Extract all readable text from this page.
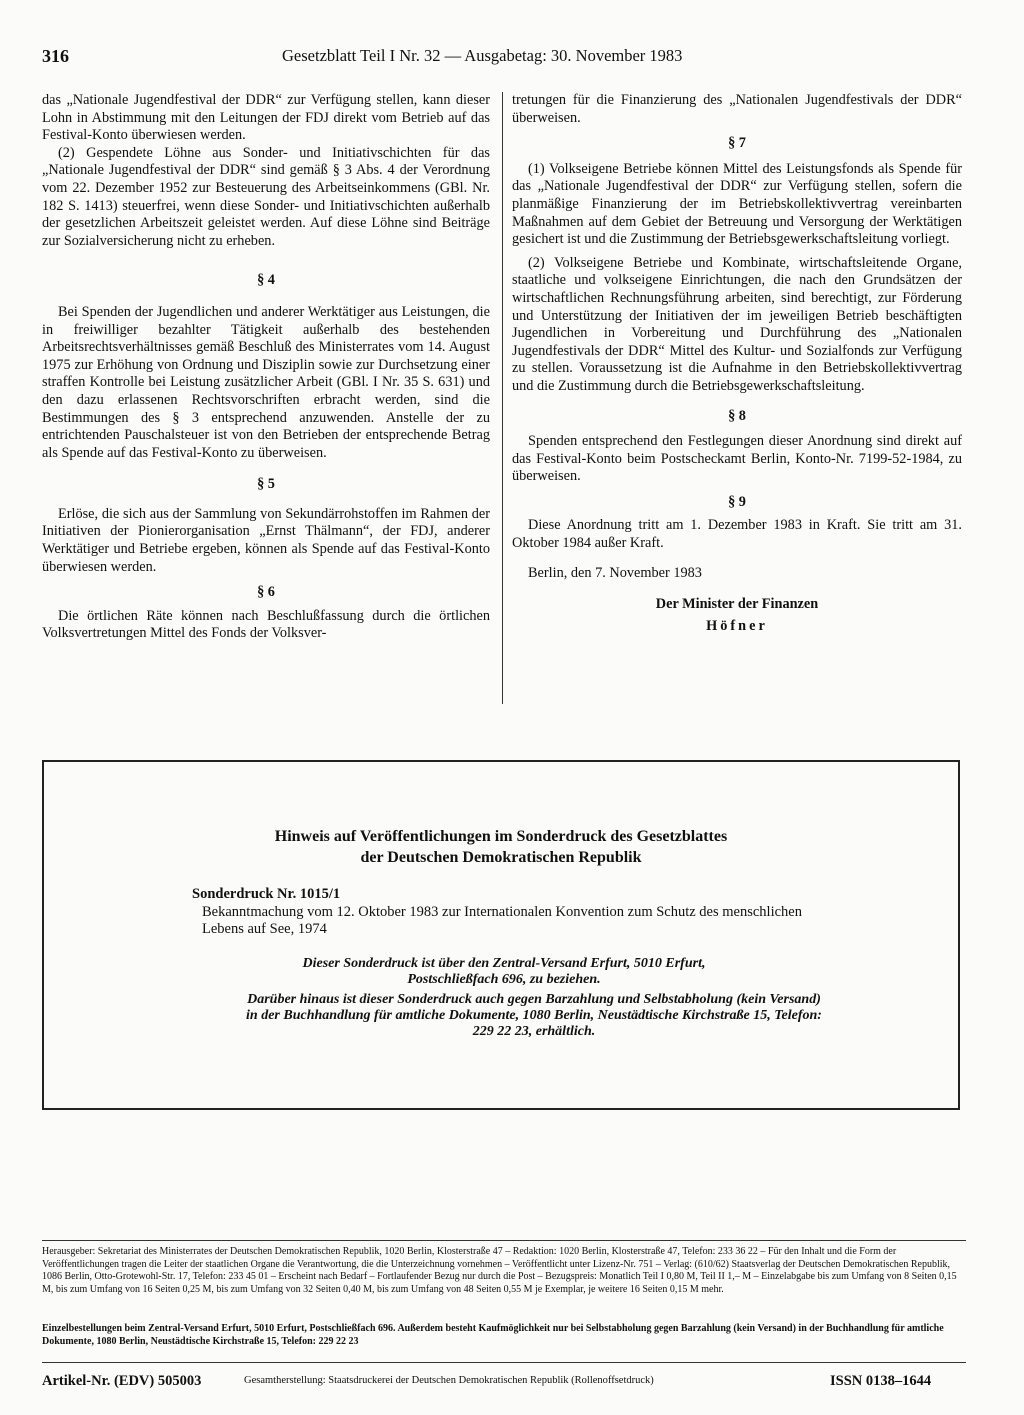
316	Gesetzblatt Teil I Nr. 32 — Ausgabetag: 30. November 1983

das „Nationale Jugendfestival der DDR“ zur Verfügung stellen, kann dieser Lohn in Abstimmung mit den Leitungen der FDJ direkt vom Betrieb auf das Festival-Konto überwiesen werden.

(2) Gespendete Löhne aus Sonder- und Initiativschichten für das „Nationale Jugendfestival der DDR“ sind gemäß § 3 Abs. 4 der Verordnung vom 22. Dezember 1952 zur Besteuerung des Arbeitseinkommens (GBl. Nr. 182 S. 1413) steuerfrei, wenn diese Sonder- und Initiativschichten außerhalb der gesetzlichen Arbeitszeit geleistet werden. Auf diese Löhne sind Beiträge zur Sozialversicherung nicht zu erheben.

§ 4

Bei Spenden der Jugendlichen und anderer Werktätiger aus Leistungen, die in freiwilliger bezahlter Tätigkeit außerhalb des bestehenden Arbeitsrechtsverhältnisses gemäß Beschluß des Ministerrates vom 14. August 1975 zur Erhöhung von Ordnung und Disziplin sowie zur Durchsetzung einer straffen Kontrolle bei Leistung zusätzlicher Arbeit (GBl. I Nr. 35 S. 631) und den dazu erlassenen Rechtsvorschriften erbracht werden, sind die Bestimmungen des § 3 entsprechend anzuwenden. Anstelle der zu entrichtenden Pauschalsteuer ist von den Betrieben der entsprechende Betrag als Spende auf das Festival-Konto zu überweisen.

§ 5

Erlöse, die sich aus der Sammlung von Sekundärrohstoffen im Rahmen der Initiativen der Pionierorganisation „Ernst Thälmann“, der FDJ, anderer Werktätiger und Betriebe ergeben, können als Spende auf das Festival-Konto überwiesen werden.

§ 6

Die örtlichen Räte können nach Beschlußfassung durch die örtlichen Volksvertretungen Mittel des Fonds der Volksver-

tretungen für die Finanzierung des „Nationalen Jugendfestivals der DDR“ überweisen.

§ 7

(1) Volkseigene Betriebe können Mittel des Leistungsfonds als Spende für das „Nationale Jugendfestival der DDR“ zur Verfügung stellen, sofern die planmäßige Finanzierung der im Betriebskollektivvertrag vereinbarten Maßnahmen auf dem Gebiet der Betreuung und Versorgung der Werktätigen gesichert ist und die Zustimmung der Betriebsgewerkschaftsleitung vorliegt.

(2) Volkseigene Betriebe und Kombinate, wirtschaftsleitende Organe, staatliche und volkseigene Einrichtungen, die nach den Grundsätzen der wirtschaftlichen Rechnungsführung arbeiten, sind berechtigt, zur Förderung und Unterstützung der Initiativen der im jeweiligen Betrieb beschäftigten Jugendlichen in Vorbereitung und Durchführung des „Nationalen Jugendfestivals der DDR“ Mittel des Kultur- und Sozialfonds zur Verfügung zu stellen. Voraussetzung ist die Aufnahme in den Betriebskollektivvertrag und die Zustimmung durch die Betriebsgewerkschaftsleitung.

§ 8

Spenden entsprechend den Festlegungen dieser Anordnung sind direkt auf das Festival-Konto beim Postscheckamt Berlin, Konto-Nr. 7199-52-1984, zu überweisen.

§ 9

Diese Anordnung tritt am 1. Dezember 1983 in Kraft. Sie tritt am 31. Oktober 1984 außer Kraft.

Berlin, den 7. November 1983

Der Minister der Finanzen

Höfner

Hinweis auf Veröffentlichungen im Sonderdruck des Gesetzblattes
der Deutschen Demokratischen Republik
Sonderdruck Nr. 1015/1
Bekanntmachung vom 12. Oktober 1983 zur Internationalen Konvention zum Schutz des menschlichen Lebens auf See, 1974
Dieser Sonderdruck ist über den Zentral-Versand Erfurt, 5010 Erfurt, Postschließfach 696, zu beziehen.
Darüber hinaus ist dieser Sonderdruck auch gegen Barzahlung und Selbstabholung (kein Versand) in der Buchhandlung für amtliche Dokumente, 1080 Berlin, Neustädtische Kirchstraße 15, Telefon: 229 22 23, erhältlich.
Herausgeber: Sekretariat des Ministerrates der Deutschen Demokratischen Republik, 1020 Berlin, Klosterstraße 47 – Redaktion: 1020 Berlin, Klosterstraße 47, Telefon: 233 36 22 – Für den Inhalt und die Form der Veröffentlichungen tragen die Leiter der staatlichen Organe die Verantwortung, die die Unterzeichnung vornehmen – Veröffentlicht unter Lizenz-Nr. 751 – Verlag: (610/62) Staatsverlag der Deutschen Demokratischen Republik, 1086 Berlin, Otto-Grotewohl-Str. 17, Telefon: 233 45 01 – Erscheint nach Bedarf – Fortlaufender Bezug nur durch die Post – Bezugspreis: Monatlich Teil I 0,80 M, Teil II 1,– M – Einzelabgabe bis zum Umfang von 8 Seiten 0,15 M, bis zum Umfang von 16 Seiten 0,25 M, bis zum Umfang von 32 Seiten 0,40 M, bis zum Umfang von 48 Seiten 0,55 M je Exemplar, je weitere 16 Seiten 0,15 M mehr.
Einzelbestellungen beim Zentral-Versand Erfurt, 5010 Erfurt, Postschließfach 696. Außerdem besteht Kaufmöglichkeit nur bei Selbstabholung gegen Barzahlung (kein Versand) in der Buchhandlung für amtliche Dokumente, 1080 Berlin, Neustädtische Kirchstraße 15, Telefon: 229 22 23
Artikel-Nr. (EDV) 505003	Gesamtherstellung: Staatsdruckerei der Deutschen Demokratischen Republik (Rollenoffsetdruck)	ISSN 0138–1644
